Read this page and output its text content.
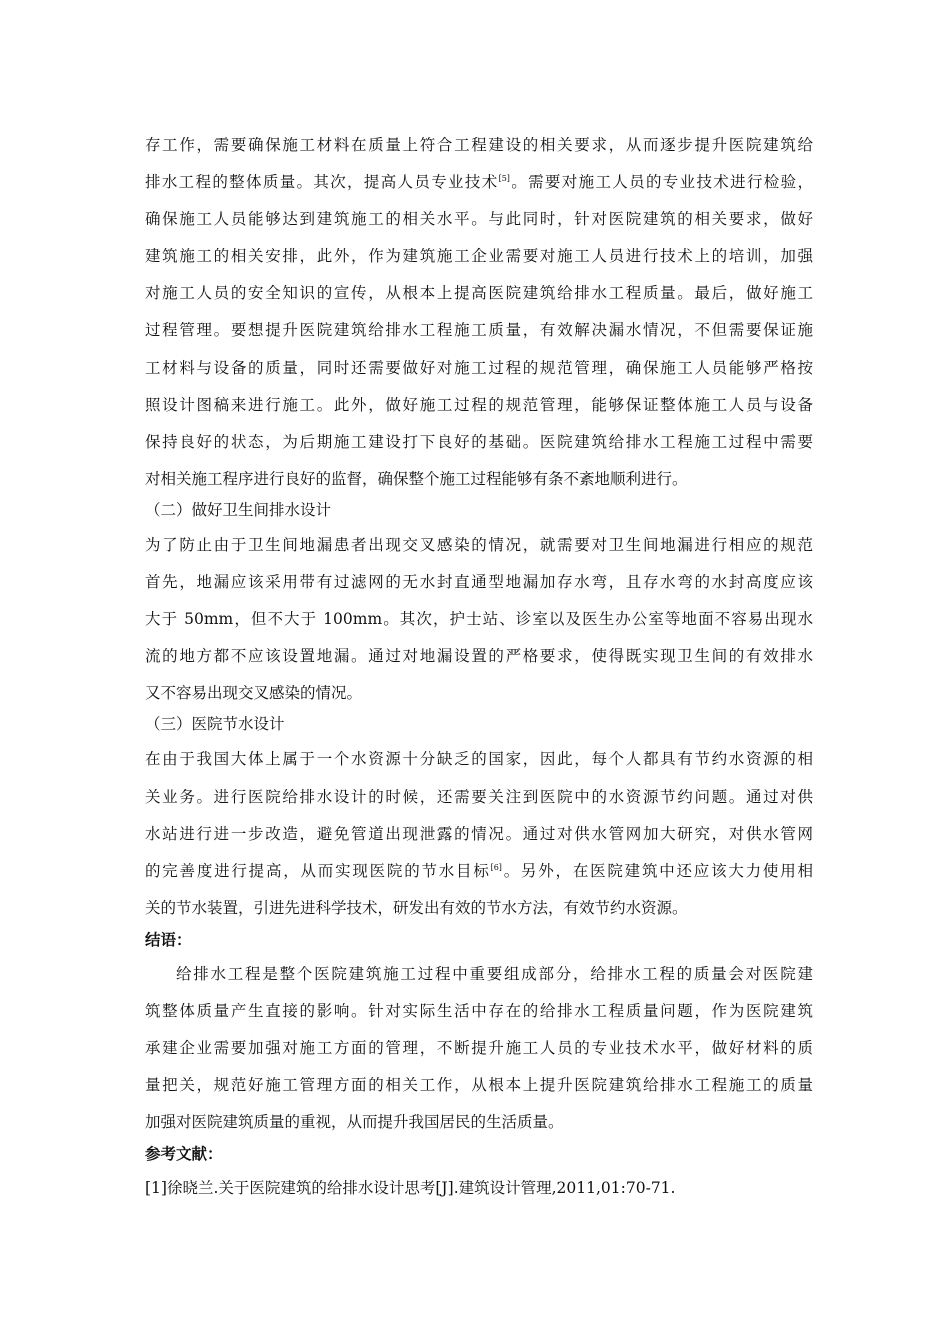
存工作，需要确保施工材料在质量上符合工程建设的相关要求，从而逐步提升医院建筑给
排水工程的整体质量。其次，提高人员专业技术[5]。需要对施工人员的专业技术进行检验，
确保施工人员能够达到建筑施工的相关水平。与此同时，针对医院建筑的相关要求，做好
建筑施工的相关安排，此外，作为建筑施工企业需要对施工人员进行技术上的培训，加强
对施工人员的安全知识的宣传，从根本上提高医院建筑给排水工程质量。最后，做好施工
过程管理。要想提升医院建筑给排水工程施工质量，有效解决漏水情况，不但需要保证施
工材料与设备的质量，同时还需要做好对施工过程的规范管理，确保施工人员能够严格按
照设计图稿来进行施工。此外，做好施工过程的规范管理，能够保证整体施工人员与设备
保持良好的状态，为后期施工建设打下良好的基础。医院建筑给排水工程施工过程中需要
对相关施工程序进行良好的监督，确保整个施工过程能够有条不紊地顺利进行。
（二）做好卫生间排水设计
为了防止由于卫生间地漏患者出现交叉感染的情况，就需要对卫生间地漏进行相应的规范
首先，地漏应该采用带有过滤网的无水封直通型地漏加存水弯，且存水弯的水封高度应该
大于 50mm，但不大于 100mm。其次，护士站、诊室以及医生办公室等地面不容易出现水
流的地方都不应该设置地漏。通过对地漏设置的严格要求，使得既实现卫生间的有效排水
又不容易出现交叉感染的情况。
（三）医院节水设计
在由于我国大体上属于一个水资源十分缺乏的国家，因此，每个人都具有节约水资源的相
关业务。进行医院给排水设计的时候，还需要关注到医院中的水资源节约问题。通过对供
水站进行进一步改造，避免管道出现泄露的情况。通过对供水管网加大研究，对供水管网
的完善度进行提高，从而实现医院的节水目标[6]。另外，在医院建筑中还应该大力使用相
关的节水装置，引进先进科学技术，研发出有效的节水方法，有效节约水资源。
结语：
给排水工程是整个医院建筑施工过程中重要组成部分，给排水工程的质量会对医院建
筑整体质量产生直接的影响。针对实际生活中存在的给排水工程质量问题，作为医院建筑
承建企业需要加强对施工方面的管理，不断提升施工人员的专业技术水平，做好材料的质
量把关，规范好施工管理方面的相关工作，从根本上提升医院建筑给排水工程施工的质量
加强对医院建筑质量的重视，从而提升我国居民的生活质量。
参考文献：
[1]徐晓兰.关于医院建筑的给排水设计思考[J].建筑设计管理,2011,01:70-71.
